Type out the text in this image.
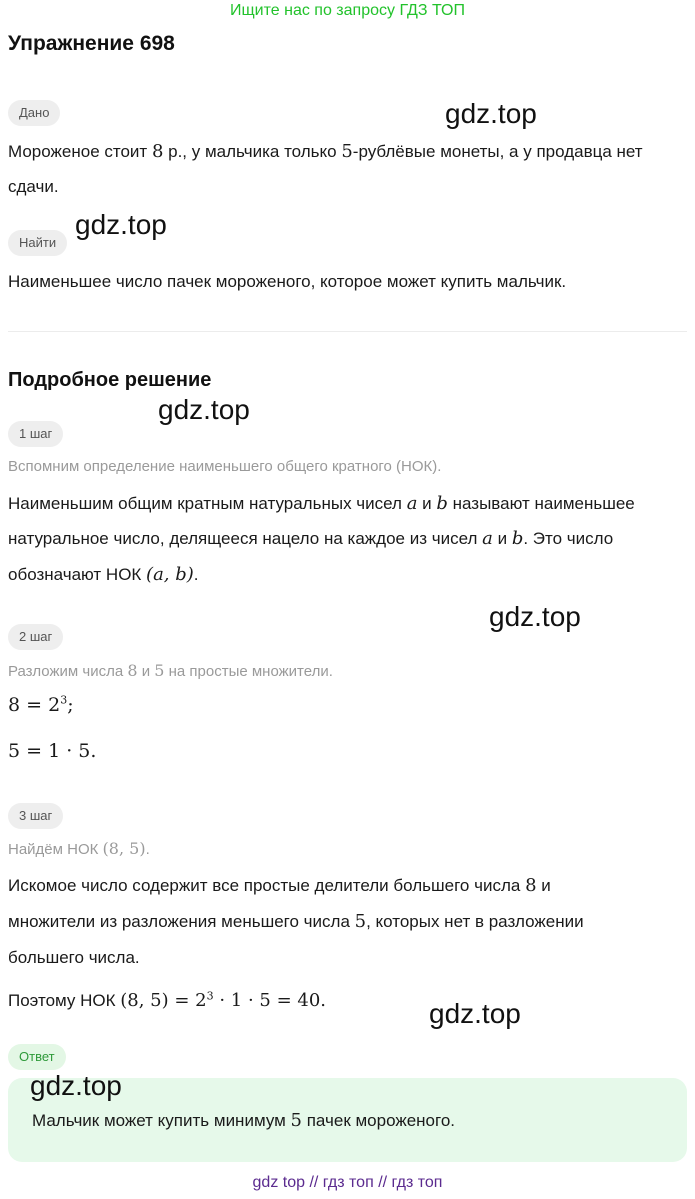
Ищите нас по запросу ГДЗ ТОП
Упражнение 698
Дано	gdz.top
Мороженое стоит 8 р., у мальчика только 5-рублёвые монеты, а у продавца нет
сдачи.
Найти
gdz.top
Наименьшее число пачек мороженого, которое может купить мальчик.
Подробное решение
gdz.top
1 шаг
Вспомним определение наименьшего общего кратного (НОК).
Наименьшим общим кратным натуральных чисел a и b называют наименьшее
натуральное число, делящееся нацело на каждое из чисел a и b. Это число
обозначают НОК (a, b).
gdz.top
2 шаг
Разложим числа 8 и 5 на простые множители.
$8 = 2^3$;
5 = 1 · 5.
3 шаг
Найдём НОК (8, 5).
Искомое число содержит все простые делители большего числа 8 и
множители из разложения меньшего числа 5, которых нет в разложении
большего числа.
Поэтому НОК (8, $5) = 2^3 \cdot 1 \cdot 5 = 40$.	gdz.top
Ответ
gdz.top
Мальчик может купить минимум 5 пачек мороженого.
gdz top // гдз топ // гдз топ
